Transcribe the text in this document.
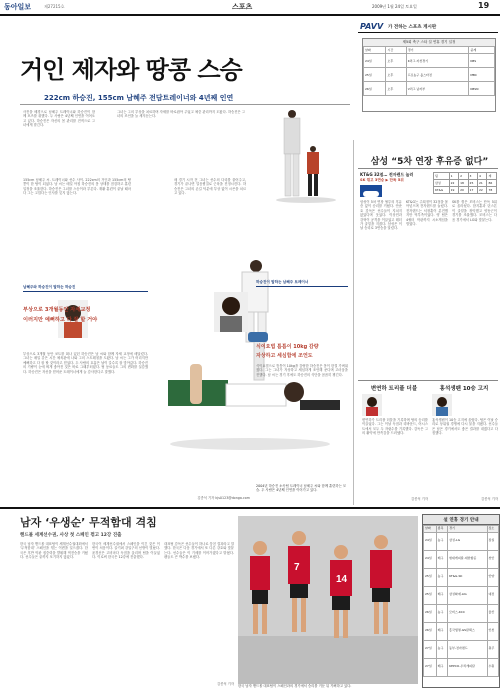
동아일보	제27215호	스포츠	2009년 1월 24일 토요일	19
거인 제자와 땅콩 스승
222cm 하승진, 155cm 남혜주 전담트레이너와 4년째 인연
PAVV 가 전하는 스포츠 게시판
제5회 축구 스타 설 연휴 경기 일정
날짜	시간	경기	중계
24일	오후	K리그 자선경기	KBS
25일	오후	프로농구 올스타전	MBC
26일	오후	V리그 남자부	KBSN

사진을 배경으로 남혜주 트레이너와 하승진이 함께 포즈를 취했다. 두 사람은 4년째 인연을 이어오고 있다. 하승진은 자신의 몸 관리를 전적으로 그녀에게 맡긴다.

그녀는 그의 부상을 치료하며 자세를 바로잡아 주었고 체중 관리까지 도왔다. 하승진은 그녀의 조언을 늘 새겨듣는다.

155cm 남혜주 씨. 트레이너와 선수 사이. 222cm의 거인과 155cm의 땅콩이 한 팀이 되었다. 남 씨는 매일 아침 하승진의 몸 상태를 점검하고 훈련 일정을 조율한다. 하승진은 그녀를 스승이라 부른다. 재활 훈련이 끝날 때마다 그는 고맙다는 인사를 잊지 않는다.

매 경기 시작 전 그녀는 선수의 다리를 풀어주고, 경기가 끝나면 얼음찜질로 근육을 진정시킨다. 하승진은 그녀의 손길 덕분에 부상 없이 시즌을 치르고 있다.

남혜주와 하승진이 말하는 하승진
부상으로 3개월동안 자세교정
이러지만 예뻐하고 다 잘 할 거야
하승진이 말하는 남혜주 트레이너
식이요법 틈틈이 10kg 감량
자상하고 세심함에 조언도

부상으로 3개월 동안 코트를 떠나 있던 하승진은 남 씨와 함께 자세 교정에 매달렸다. 그녀는 매일 같은 시간 체육관에 나와 그의 스트레칭을 도왔다. 남 씨는 그가 어리지만 예뻐하고 다 잘 할 것이라고 믿었다. 두 사람의 호흡은 날이 갈수록 잘 맞아갔다. 하승진의 기량이 눈에 띄게 좋아진 것은 바로 그때부터였다. 팀 동료들도 그의 변화를 실감했다. 하승진은 자신을 믿어준 트레이너에게 늘 감사한다고 말했다.

식이요법으로 틈틈이 10kg을 감량한 하승진은 몸이 한결 가벼워졌다. 그는 그녀가 자상하고 세심하게 조언해 준다며 고마움을 전했다. 남 씨는 경기 후에도 하승진의 식단을 꼼꼼히 챙긴다.

2004년 하승진 소속팀 트레이너 남혜주 씨와 함께 훈련하는 모습. 두 사람은 4년째 인연을 이어가고 있다.
김종석 기자 kjs0123@donga.com
삼성 “5차 연장 후유증 없다”
KT&G 32점… 전자랜드 눌러
SK 꺾고 3연승 ▶ 단독 5위
팀	1	2	3	4	계
삼성	22	18	25	21	86
KT&G	19	20	17	22	78

삼성이 5차 연장 혈투의 후유증 없이 승리를 거뒀다. 안준호 감독은 선수들이 지치지 않았다며 웃었다. 이상민과 강혁이 공격을 이끌었고 레더가 골밑을 지켰다. 삼성은 이날 승리로 3연승을 달렸다.

KT&G는 주희정이 32점을 몰아넣으며 전자랜드를 눌렀다. 전자랜드는 서장훈이 분전했지만 역부족이었다. 양 팀은 4쿼터 막판까지 시소게임을 벌였다.

SK를 꺾은 모비스는 단독 5위로 올라섰다. 함지훈과 던스톤이 골밑을 장악했고 양동근이 경기를 조율했다. 모비스는 다음 경기에서 LG와 맞붙는다.

변연하 트리플 더블	홍석생팬 10승 고지

변연하가 트리플 더블을 기록하며 팀의 승리를 이끌었다. 그는 이날 득점과 리바운드, 어시스트에서 모두 두 자릿수를 기록했다. 감독은 그의 활약에 만족감을 드러냈다.

홍석생팬이 10승 고지에 올랐다. 팀은 이날 승리로 상위권 경쟁에 다시 불을 지폈다. 선수들은 남은 경기에서도 좋은 결과를 내겠다고 다짐했다.

김종석 기자	김종석 기자
남자 ‘우생순’ 무적함대 격침
핸드볼 세계선수권, 사상 첫 스페인 꺾고 12강 진출

한국 남자 핸드볼 대표팀이 세계선수권대회에서 ‘무적함대’ 스페인을 꺾는 이변을 일으켰다. 한국은 후반 막판 집중력을 발휘해 역전승을 거뒀다. 선수들은 끝까지 포기하지 않았다.

한국이 세계선수권에서 스페인을 이긴 것은 이번이 처음이다. 골키퍼 강일구의 선방이 빛났다. 윤경신은 고비마다 득점을 올리며 팀을 이끌었다. 이로써 한국은 12강에 진출했다.

대표팀 감독은 선수들이 하나로 뭉친 결과라고 말했다. 한국은 다음 경기에서 또 다른 강호와 맞붙는다. 선수들은 이 기세를 이어가겠다고 밝혔다. 팬들도 큰 박수를 보냈다.

7
14
한국 남자 핸드볼 대표팀이 스페인과의 경기에서 승리를 거둔 뒤 기뻐하고 있다.
김종석 기자
설 연휴 경기 안내
날짜	종목	경기	장소
24일	농구	삼성-LG	잠실
24일	배구	현대캐피탈-대한항공	천안
25일	농구	KT&G-SK	안양
25일	배구	삼성화재-LIG	대전
26일	농구	모비스-KCC	울산
26일	배구	흥국생명-GS칼텍스	인천
27일	농구	동부-전자랜드	원주
27일	배구	KEPCO-우리캐피탈	수원
